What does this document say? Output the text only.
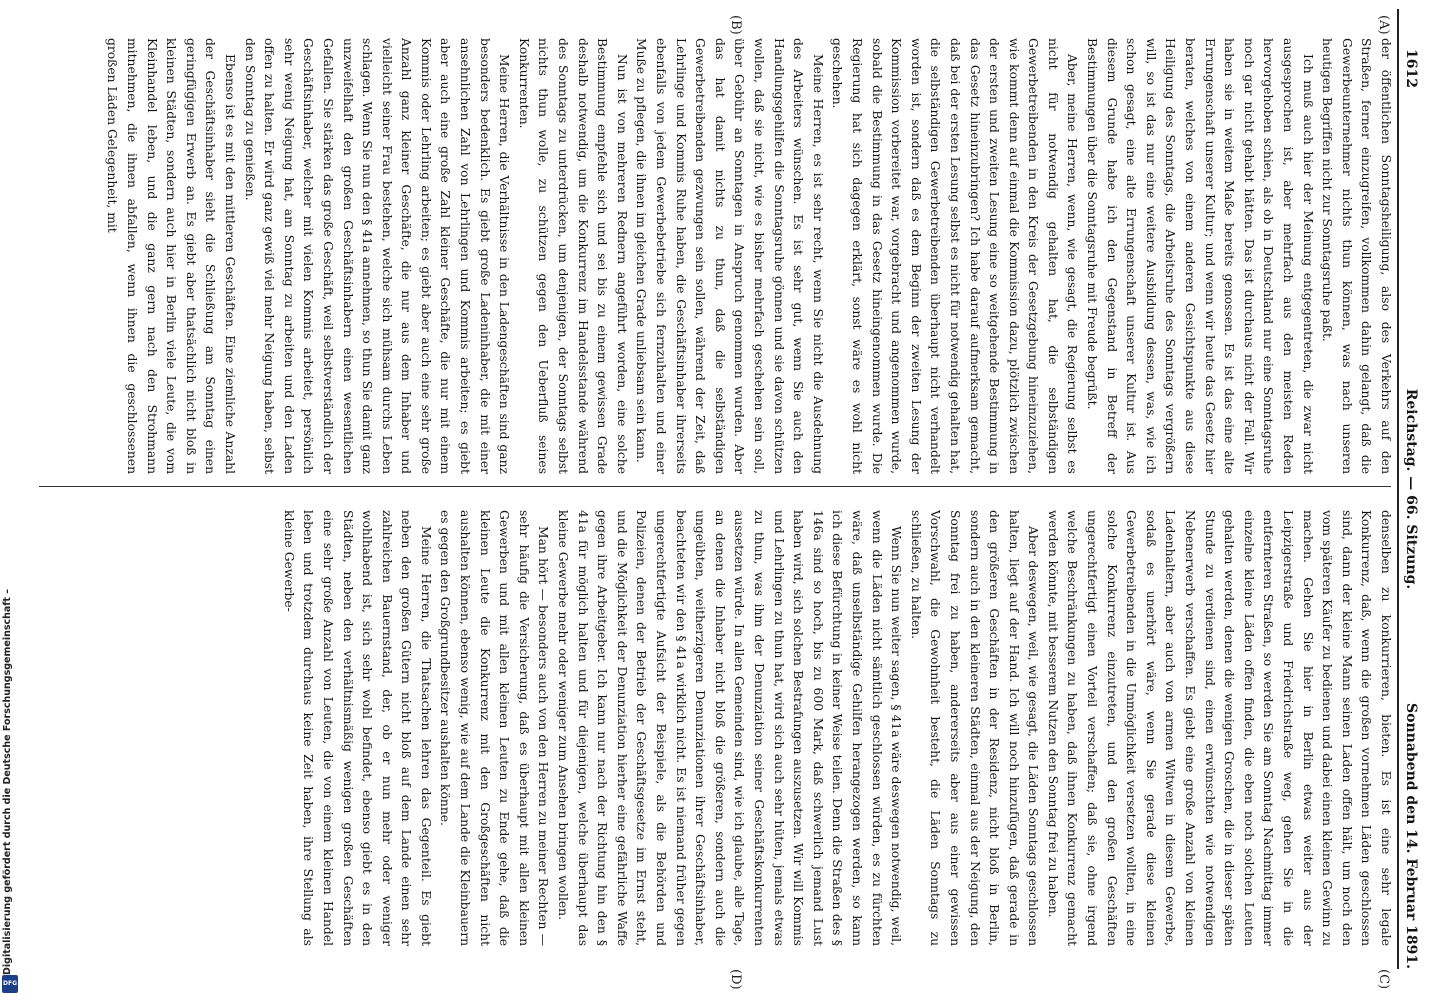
1612
Reichstag. — 66. Sitzung.
Sonnabend den 14. Februar 1891.
(A)
(B)
(C)
(D)

der öffentlichen Sonntagsheiligung, also des Verkehrs auf den Straßen, ferner einzugreifen, vollkommen dahin gelangt, daß die Gewerbeunternehmer nichts thun können, was nach unseren heutigen Begriffen nicht zur Sonntagsruhe paßt.

Ich muß auch hier der Meinung entgegentreten, die zwar nicht ausgesprochen ist, aber mehrfach aus den meisten Reden hervorgehoben schien, als ob in Deutschland nur eine Sonntagsruhe noch gar nicht gehabt hätten. Das ist durchaus nicht der Fall. Wir haben sie in weitem Maße bereits genossen. Es ist das eine alte Errungenschaft unserer Kultur; und wenn wir heute das Gesetz hier beraten, welches von einem anderen Gesichtspunkte aus diese Heiligung des Sonntags, die Arbeitsruhe des Sonntags vergrößern will, so ist das nur eine weitere Ausbildung dessen, was, wie ich schon gesagt, eine alte Errungenschaft unserer Kultur ist. Aus diesem Grunde habe ich den Gegenstand in Betreff der Bestimmungen über die Sonntagsruhe mit Freude begrüßt.

Aber, meine Herren, wenn, wie gesagt, die Regierung selbst es nicht für notwendig gehalten hat, die selbständigen Gewerbetreibenden in den Kreis der Gesetzgebung hineinzuziehen, wie kommt denn auf einmal die Kommission dazu, plötzlich zwischen der ersten und zweiten Lesung eine so weitgehende Bestimmung in das Gesetz hineinzubringen? Ich habe darauf aufmerksam gemacht, daß bei der ersten Lesung selbst es nicht für notwendig gehalten hat, die selbständigen Gewerbetreibenden überhaupt nicht verhandelt worden ist, sondern daß es dem Beginn der zweiten Lesung der Kommission vorbereitet war, vorgebracht und angenommen wurde, sobald die Bestimmung in das Gesetz hineingenommen wurde. Die Regierung hat sich dagegen erklärt, sonst wäre es wohl nicht geschehen.

Meine Herren, es ist sehr recht, wenn Sie nicht die Ausdehnung des Arbeiters wünschen. Es ist sehr gut, wenn Sie auch den Handlungsgehilfen die Sonntagsruhe gönnen und sie davon schützen wollen, daß sie nicht, wie es bisher mehrfach geschehen sein soll, über Gebühr an Sonntagen in Anspruch genommen wurden. Aber das hat damit nichts zu thun, daß die selbständigen Gewerbetreibenden gezwungen sein sollen, während der Zeit, daß Lehrlinge und Kommis Ruhe haben, die Geschäftsinhaber ihrerseits ebenfalls von jedem Gewerbebetriebe sich fernzuhalten und einer Muße zu pflegen, die ihnen im gleichen Grade unliebsam sein kann.

Nun ist von mehreren Rednern angeführt worden, eine solche Bestimmung empfehle sich und sei bis zu einem gewissen Grade deshalb notwendig, um die Konkurrenz im Handelsstande während des Sonntags zu unterdrücken, um denjenigen, der Sonntags selbst nichts thun wolle, zu schützen gegen den Ueberfluß seines Konkurrenten.

Meine Herren, die Verhältnisse in den Ladengeschäften sind ganz besonders bedenklich. Es giebt große Ladeninhaber, die mit einer ansehnlichen Zahl von Lehrlingen und Kommis arbeiten; es giebt aber auch eine große Zahl kleiner Geschäfte, die nur mit einem Kommis oder Lehrling arbeiten; es giebt aber auch eine sehr große Anzahl ganz kleiner Geschäfte, die nur aus dem Inhaber und vielleicht seiner Frau bestehen, welche sich mühsam durchs Leben schlagen. Wenn Sie nun den § 41a annehmen, so thun Sie damit ganz unzweifelhaft den großen Geschäftsinhabern einen wesentlichen Gefallen. Sie stärken das große Geschäft, weil selbstverständlich der Geschäftsinhaber, welcher mit vielen Kommis arbeitet, persönlich sehr wenig Neigung hat, am Sonntag zu arbeiten und den Laden offen zu halten. Er wird ganz gewiß viel mehr Neigung haben, selbst den Sonntag zu genießen.

Ebenso ist es mit den mittleren Geschäften. Eine ziemliche Anzahl der Geschäftsinhaber sieht die Schließung am Sonntag einen geringfügigen Erwerb an. Es giebt aber thatsächlich nicht bloß in kleinen Städten, sondern auch hier in Berlin viele Leute, die vom Kleinhandel leben, und die ganz gern nach den Strohmann mitnehmen, die ihnen abfallen, wenn ihnen die geschlossenen großen Läden Gelegenheit, mit

denselben zu konkurrieren, bieten. Es ist eine sehr legale Konkurrenz, daß, wenn die großen vornehmen Läden geschlossen sind, dann der kleine Mann seinen Laden offen hält, um noch den vom späteren Käufer zu bedienen und dabei einen kleinen Gewinn zu machen. Gehen Sie hier in Berlin etwas weiter aus der Leipzigerstraße und Friedrichstraße weg, gehen Sie in die entfernteren Straßen, so werden Sie am Sonntag Nachmittag immer einzelne kleine Läden offen finden, die eben noch solchen Leuten gehalten werden, denen die wenigen Groschen, die in dieser späten Stunde zu verdienen sind, einen erwünschten wie notwendigen Nebenerwerb verschaffen. Es giebt eine große Anzahl von kleinen Ladenhaltern, aber auch von armen Witwen in diesem Gewerbe, sodaß es unerhört wäre, wenn Sie gerade diese kleinen Gewerbetreibenden in die Unmöglichkeit versetzen wollten, in eine solche Konkurrenz einzutreten, und den großen Geschäften ungerechtfertigt einen Vorteil verschaffen; daß sie, ohne irgend welche Beschränkungen zu haben, daß ihnen Konkurrenz gemacht werden könnte, mit besserem Nutzen den Sonntag frei zu haben.

Aber deswegen, weil, wie gesagt, die Läden Sonntags geschlossen halten, liegt auf der Hand. Ich will noch hinzufügen, daß gerade in den größeren Geschäften in der Residenz, nicht bloß in Berlin, sondern auch in den kleineren Städten, einmal aus der Neigung, den Sonntag frei zu haben, andererseits aber aus einer gewissen Vorschwahl, die Gewohnheit besteht, die Läden Sonntags zu schließen, zu halten.

Wenn Sie nun weiter sagen, § 41a wäre deswegen notwendig, weil, wenn die Läden nicht sämtlich geschlossen würden, es zu fürchten wäre, daß unselbständige Gehilfen herangezogen werden, so kann ich diese Befürchtung in keiner Weise teilen. Denn die Straßen des § 146a sind so hoch, bis zu 600 Mark, daß schwerlich jemand Lust haben wird, sich solchen Bestrafungen auszusetzen. Wir will Kommis und Lehrlingen zu thun hat, wird sich auch sehr hüten, jemals etwas zu thun, was ihm der Denunziation seiner Geschäftskonkurrenten aussetzen würde. In allen Gemeinden sind, wie ich glaube, alle Tage, an denen die Inhaber nicht bloß die größeren, sondern auch die ungeübten, weitherzigeren Denunziationen ihrer Geschäftsinhaber, beachteten wir den § 41a wirklich nicht. Es ist niemand früher gegen ungerechtfertigte Aufsicht der Beispiele, als die Behörden und Polizeien, denen der Betrieb der Geschäftsgesetze im Ernst steht, und die Möglichkeit der Denunziation hierher eine gefährliche Waffe gegen ihre Arbeitgeber. Ich kann nur nach der Richtung hin den § 41a für möglich halten und für diejenigen, welche überhaupt das kleine Gewerbe mehr oder weniger zum Ansehen bringen wollen.

Man hört — besonders auch von den Herren zu meiner Rechten — sehr häufig die Versicherung, daß es überhaupt mit allen kleinen Gewerben und mit allen kleinen Leuten zu Ende gehe, daß die kleinen Leute die Konkurrenz mit den Großgeschäften nicht aushalten können, ebenso wenig, wie auf dem Lande die Kleinbauern es gegen den Großgrundbesitzer aushalten könne.

Meine Herren, die Thatsachen lehren das Gegenteil. Es giebt neben den großen Gütern nicht bloß auf dem Lande einen sehr zahlreichen Bauernstand, der, ob er nun mehr oder weniger wohlhabend ist, sich sehr wohl befindet, ebenso giebt es in den Städten, neben den verhältnismäßig wenigen großen Geschäften eine sehr große Anzahl von Leuten, die von einem kleinen Handel leben und trotzdem durchaus keine Zeit haben, ihre Stellung als kleine Gewerbe-

Digitalisierung gefördert durch die Deutsche Forschungsgemeinschaft –
DFG
